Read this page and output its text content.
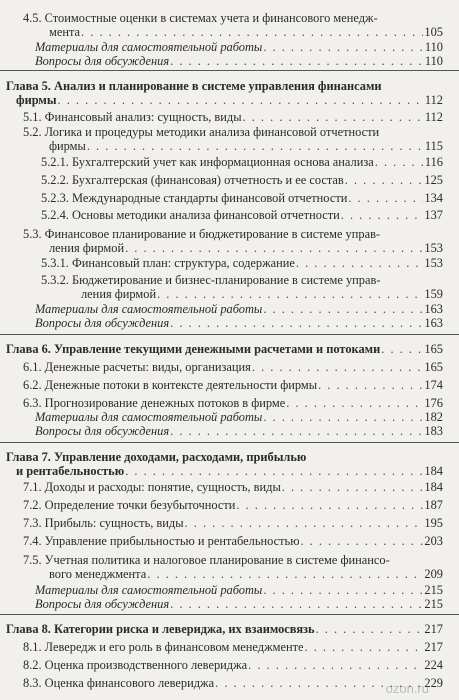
4.5. Стоимостные оценки в системах учета и финансового менедж-
мента . . .	105
Материалы для самостоятельной работы . . .	110
Вопросы для обсуждения . . .	110
Глава 5. Анализ и планирование в системе управления финансами
фирмы . . .	112
5.1. Финансовый анализ: сущность, виды . . .	112
5.2. Логика и процедуры методики анализа финансовой отчетности
фирмы . . .	115
5.2.1. Бухгалтерский учет как информационная основа анализа . . .	116
5.2.2. Бухгалтерская (финансовая) отчетность и ее состав . . .	125
5.2.3. Международные стандарты финансовой отчетности . . .	134
5.2.4. Основы методики анализа финансовой отчетности . . .	137
5.3. Финансовое планирование и бюджетирование в системе управ-
ления фирмой . . .	153
5.3.1. Финансовый план: структура, содержание . . .	153
5.3.2. Бюджетирование и бизнес-планирование в системе управ-
ления фирмой . . .	159
Материалы для самостоятельной работы . . .	163
Вопросы для обсуждения . . .	163
Глава 6. Управление текущими денежными расчетами и потоками . . .	165
6.1. Денежные расчеты: виды, организация . . .	165
6.2. Денежные потоки в контексте деятельности фирмы . . .	174
6.3. Прогнозирование денежных потоков в фирме . . .	176
Материалы для самостоятельной работы . . .	182
Вопросы для обсуждения . . .	183
Глава 7. Управление доходами, расходами, прибылью
и рентабельностью . . .	184
7.1. Доходы и расходы: понятие, сущность, виды . . .	184
7.2. Определение точки безубыточности . . .	187
7.3. Прибыль: сущность, виды . . .	195
7.4. Управление прибыльностью и рентабельностью . . .	203
7.5. Учетная политика и налоговое планирование в системе финансо-
вого менеджмента . . .	209
Материалы для самостоятельной работы . . .	215
Вопросы для обсуждения . . .	215
Глава 8. Категории риска и левериджа, их взаимосвязь . . .	217
8.1. Левередж и его роль в финансовом менеджменте . . .	217
8.2. Оценка производственного левериджа . . .	224
8.3. Оценка финансового левериджа . . .	229
ozon.ru
